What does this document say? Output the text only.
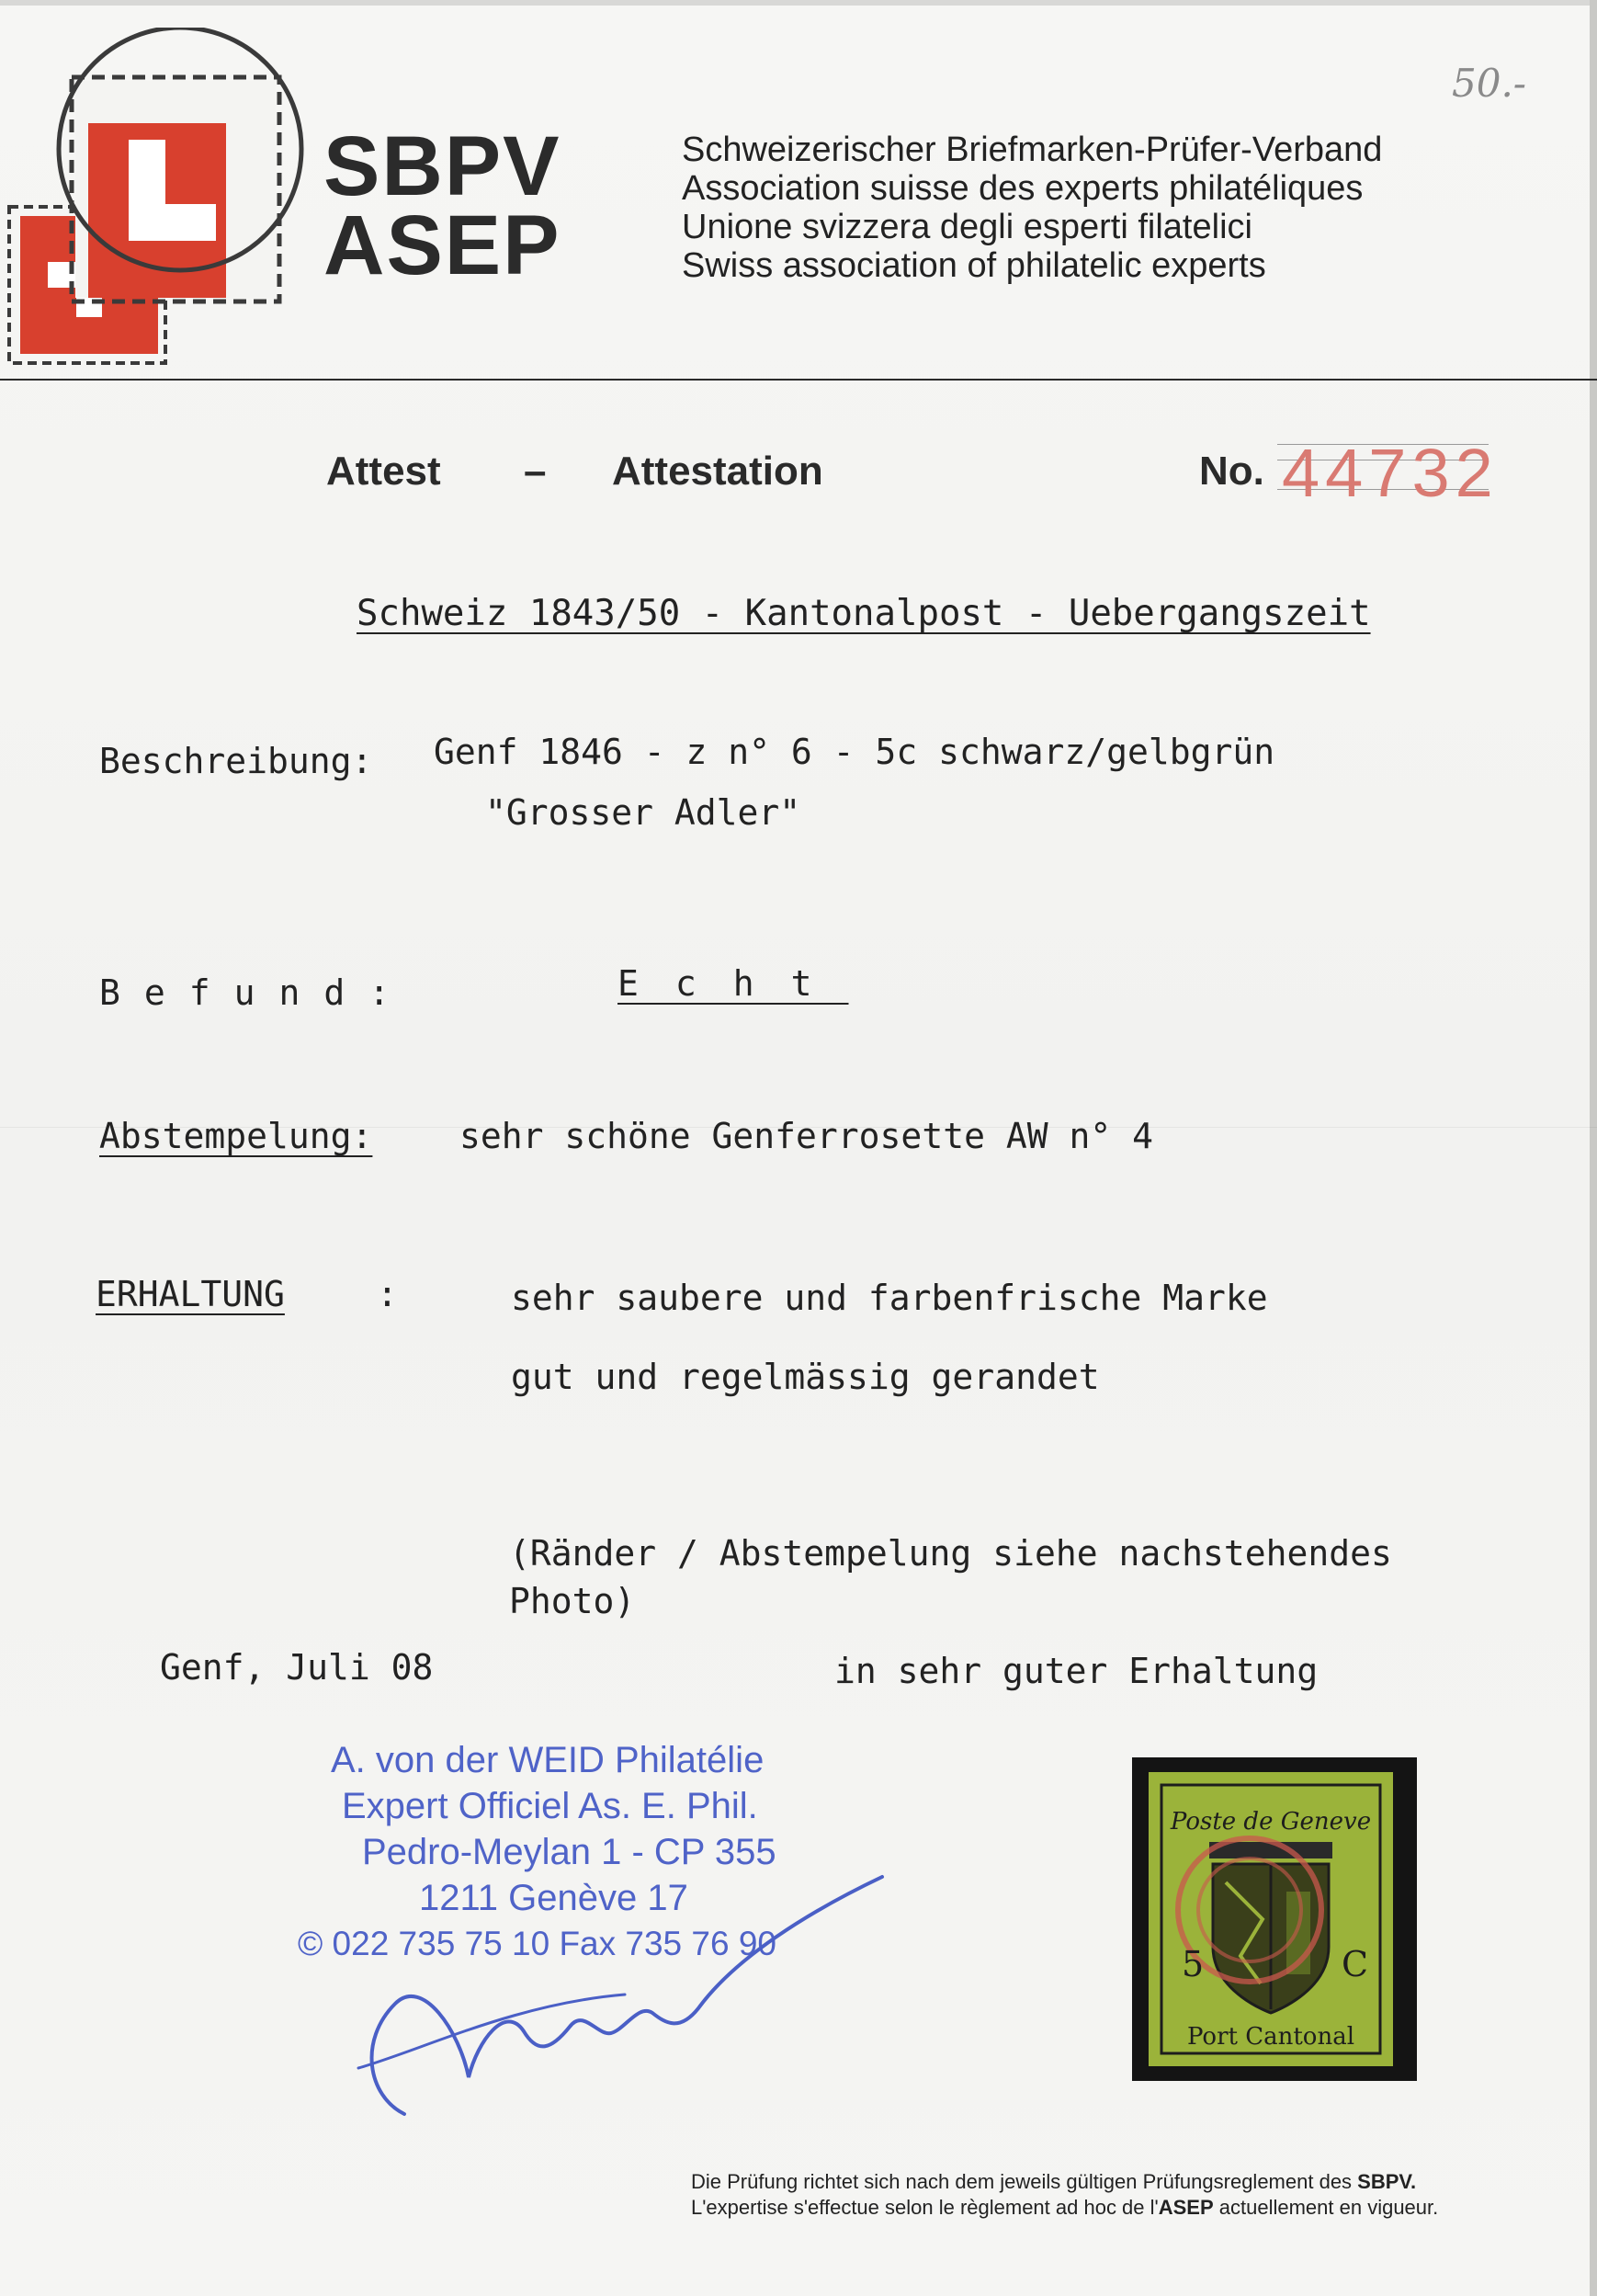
SBPV
ASEP
Schweizerischer Briefmarken-Prüfer-Verband
Association suisse des experts philatéliques
Unione svizzera degli esperti filatelici
Swiss association of philatelic experts
50.-
Attest – Attestation	No. 44732
Schweiz 1843/50 - Kantonalpost - Uebergangszeit
Beschreibung: Genf 1846 - z n° 6 - 5c schwarz/gelbgrün
"Grosser Adler"
Befund:	Echt
Abstempelung: sehr schöne Genferrosette AW n° 4
ERHALTUNG	:	sehr saubere und farbenfrische Marke
gut und regelmässig gerandet
(Ränder / Abstempelung siehe nachstehendes
Photo)
Genf, Juli 08	in sehr guter Erhaltung
A. von der WEID Philatélie
Expert Officiel As. E. Phil.
Pedro-Meylan 1 - CP 355
1211 Genève 17
© 022 735 75 10 Fax 735 76 90
Poste de Geneve
5	C
Port Cantonal
Die Prüfung richtet sich nach dem jeweils gültigen Prüfungsreglement des SBPV.
L'expertise s'effectue selon le règlement ad hoc de l'ASEP actuellement en vigueur.
